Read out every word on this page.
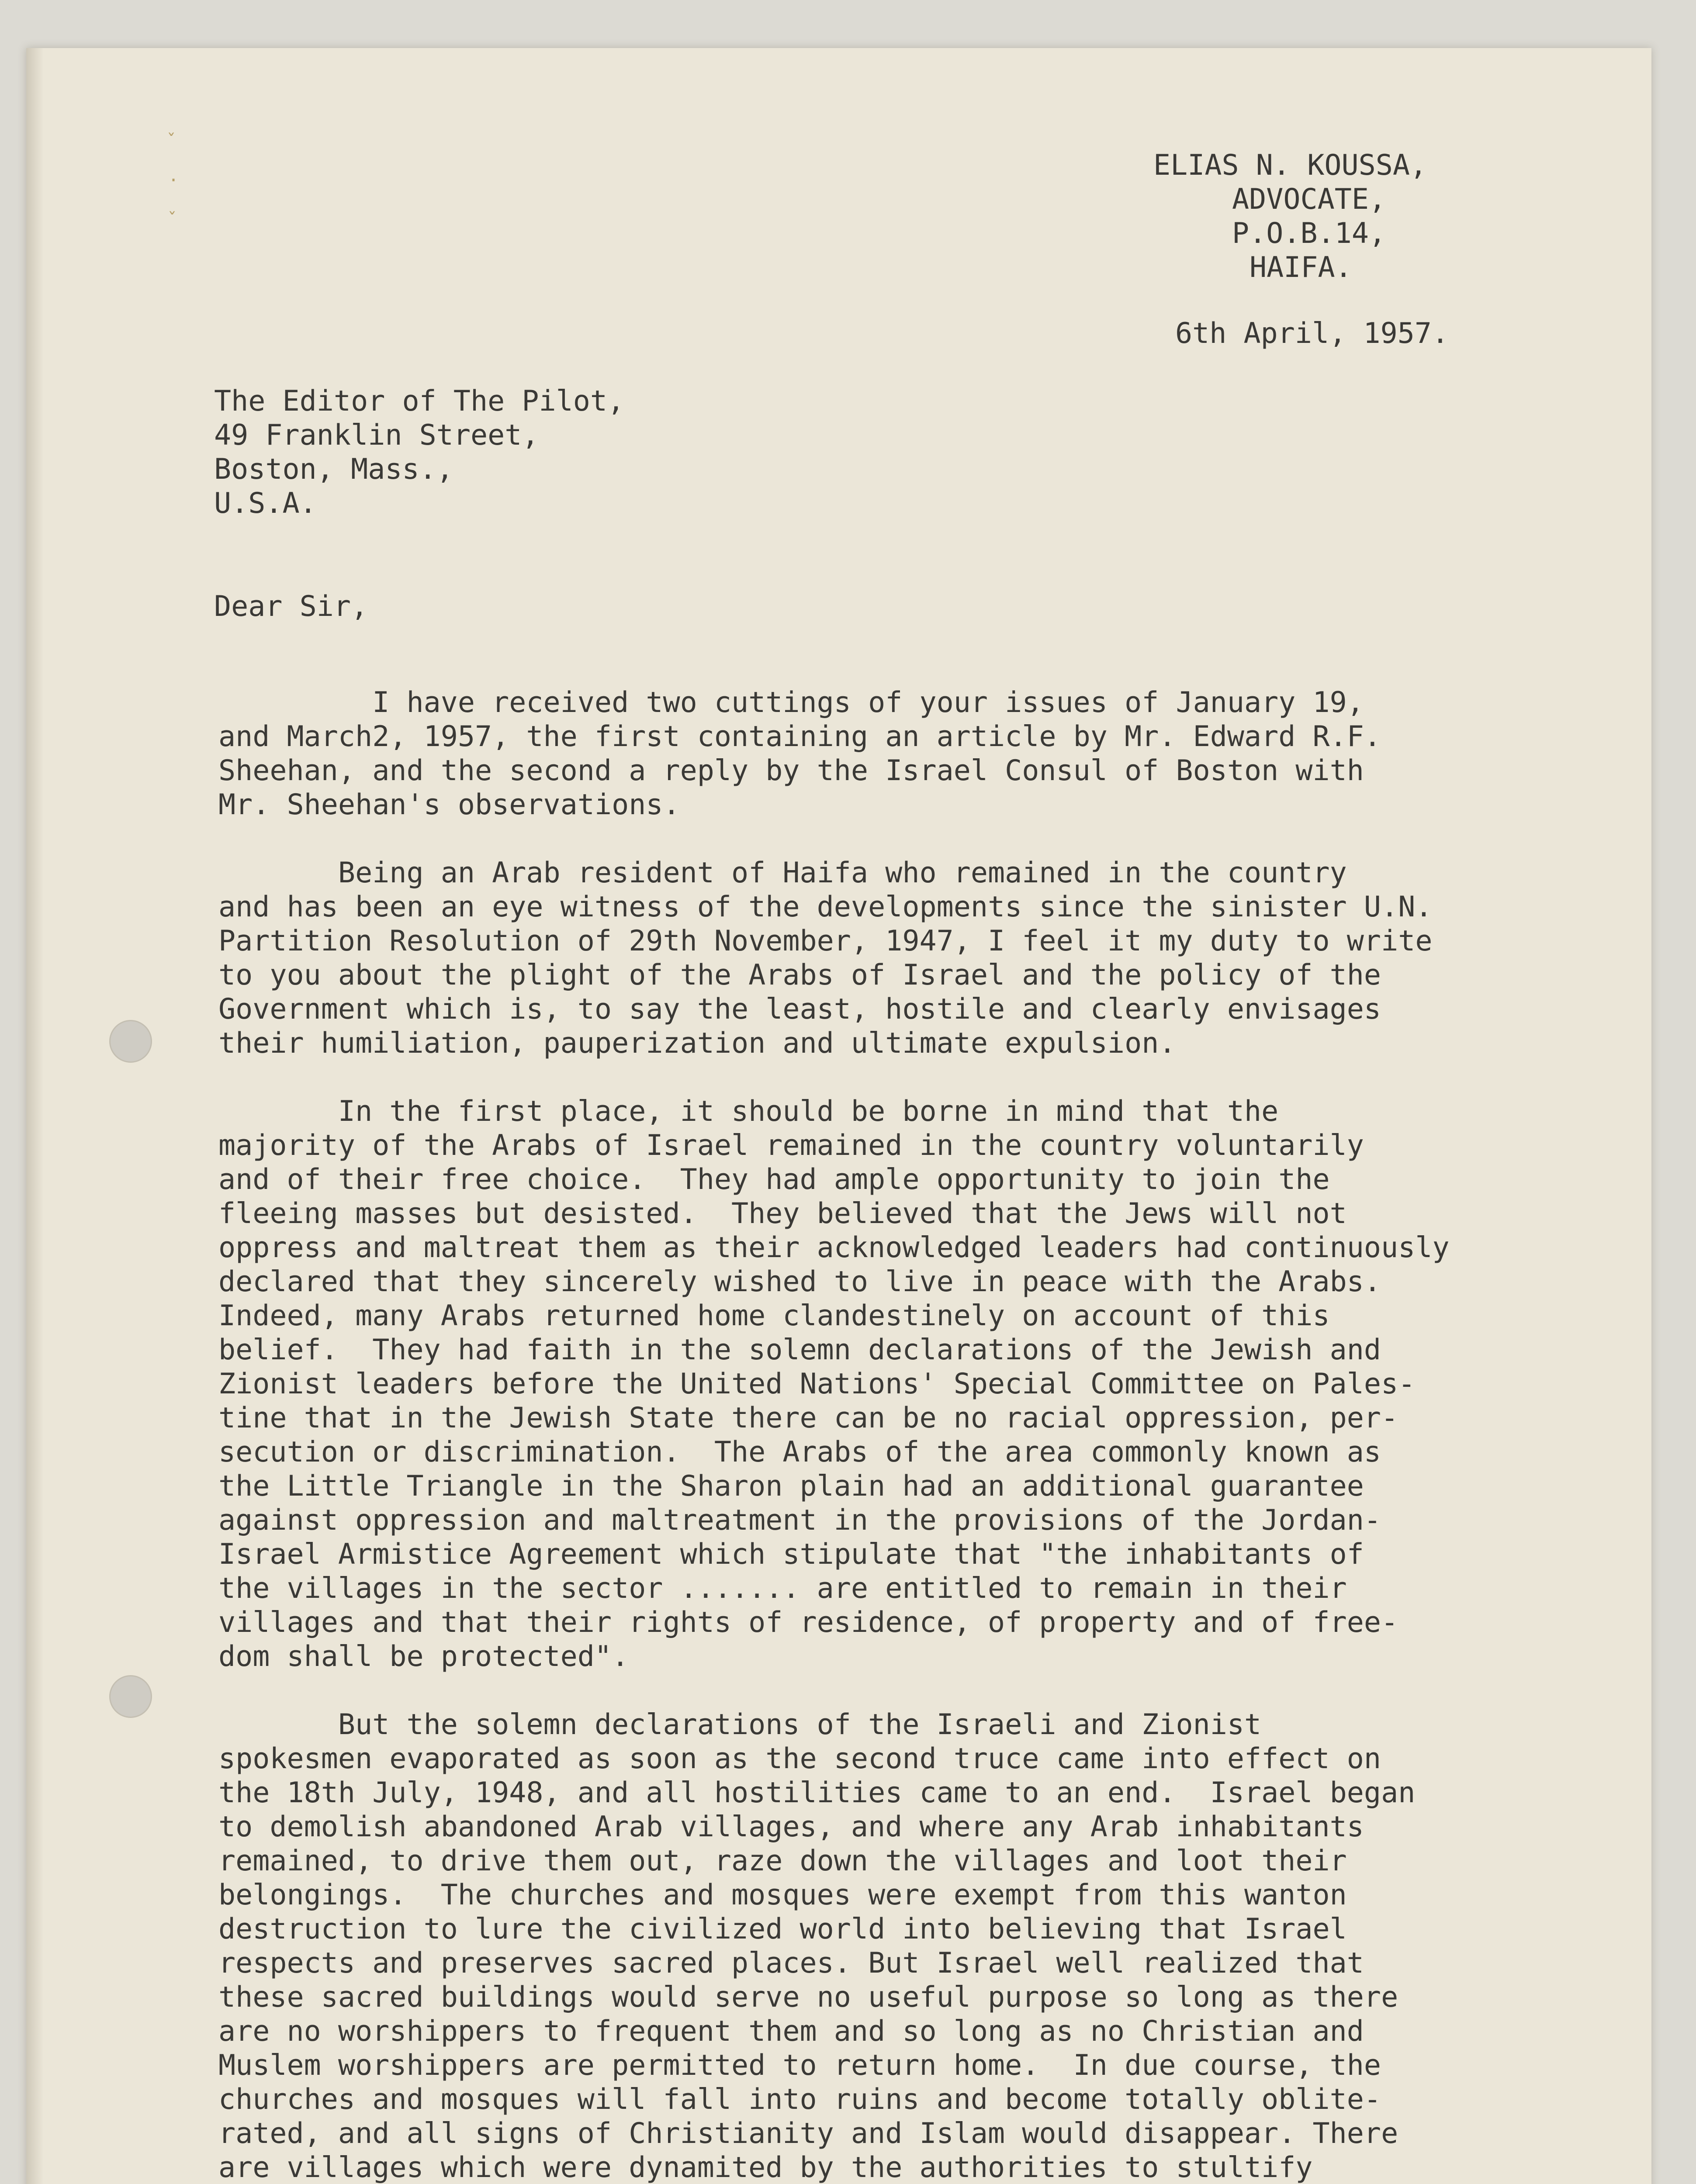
ˇ
·
ˇ
ELIAS N. KOUSSA,
ADVOCATE,
P.O.B.14,
HAIFA.
6th April, 1957.
The Editor of The Pilot,
49 Franklin Street,
Boston, Mass.,
U.S.A.
Dear Sir,
I have received two cuttings of your issues of January 19,
and March2, 1957, the first containing an article by Mr. Edward R.F.
Sheehan, and the second a reply by the Israel Consul of Boston with
Mr. Sheehan's observations.
Being an Arab resident of Haifa who remained in the country
and has been an eye witness of the developments since the sinister U.N.
Partition Resolution of 29th November, 1947, I feel it my duty to write
to you about the plight of the Arabs of Israel and the policy of the
Government which is, to say the least, hostile and clearly envisages
their humiliation, pauperization and ultimate expulsion.
In the first place, it should be borne in mind that the
majority of the Arabs of Israel remained in the country voluntarily
and of their free choice.  They had ample opportunity to join the
fleeing masses but desisted.  They believed that the Jews will not
oppress and maltreat them as their acknowledged leaders had continuously
declared that they sincerely wished to live in peace with the Arabs.
Indeed, many Arabs returned home clandestinely on account of this
belief.  They had faith in the solemn declarations of the Jewish and
Zionist leaders before the United Nations' Special Committee on Pales-
tine that in the Jewish State there can be no racial oppression, per-
secution or discrimination.  The Arabs of the area commonly known as
the Little Triangle in the Sharon plain had an additional guarantee
against oppression and maltreatment in the provisions of the Jordan-
Israel Armistice Agreement which stipulate that "the inhabitants of
the villages in the sector ....... are entitled to remain in their
villages and that their rights of residence, of property and of free-
dom shall be protected".
But the solemn declarations of the Israeli and Zionist
spokesmen evaporated as soon as the second truce came into effect on
the 18th July, 1948, and all hostilities came to an end.  Israel began
to demolish abandoned Arab villages, and where any Arab inhabitants
remained, to drive them out, raze down the villages and loot their
belongings.  The churches and mosques were exempt from this wanton
destruction to lure the civilized world into believing that Israel
respects and preserves sacred places. But Israel well realized that
these sacred buildings would serve no useful purpose so long as there
are no worshippers to frequent them and so long as no Christian and
Muslem worshippers are permitted to return home.  In due course, the
churches and mosques will fall into ruins and become totally oblite-
rated, and all signs of Christianity and Islam would disappear. There
are villages which were dynamited by the authorities to stultify
